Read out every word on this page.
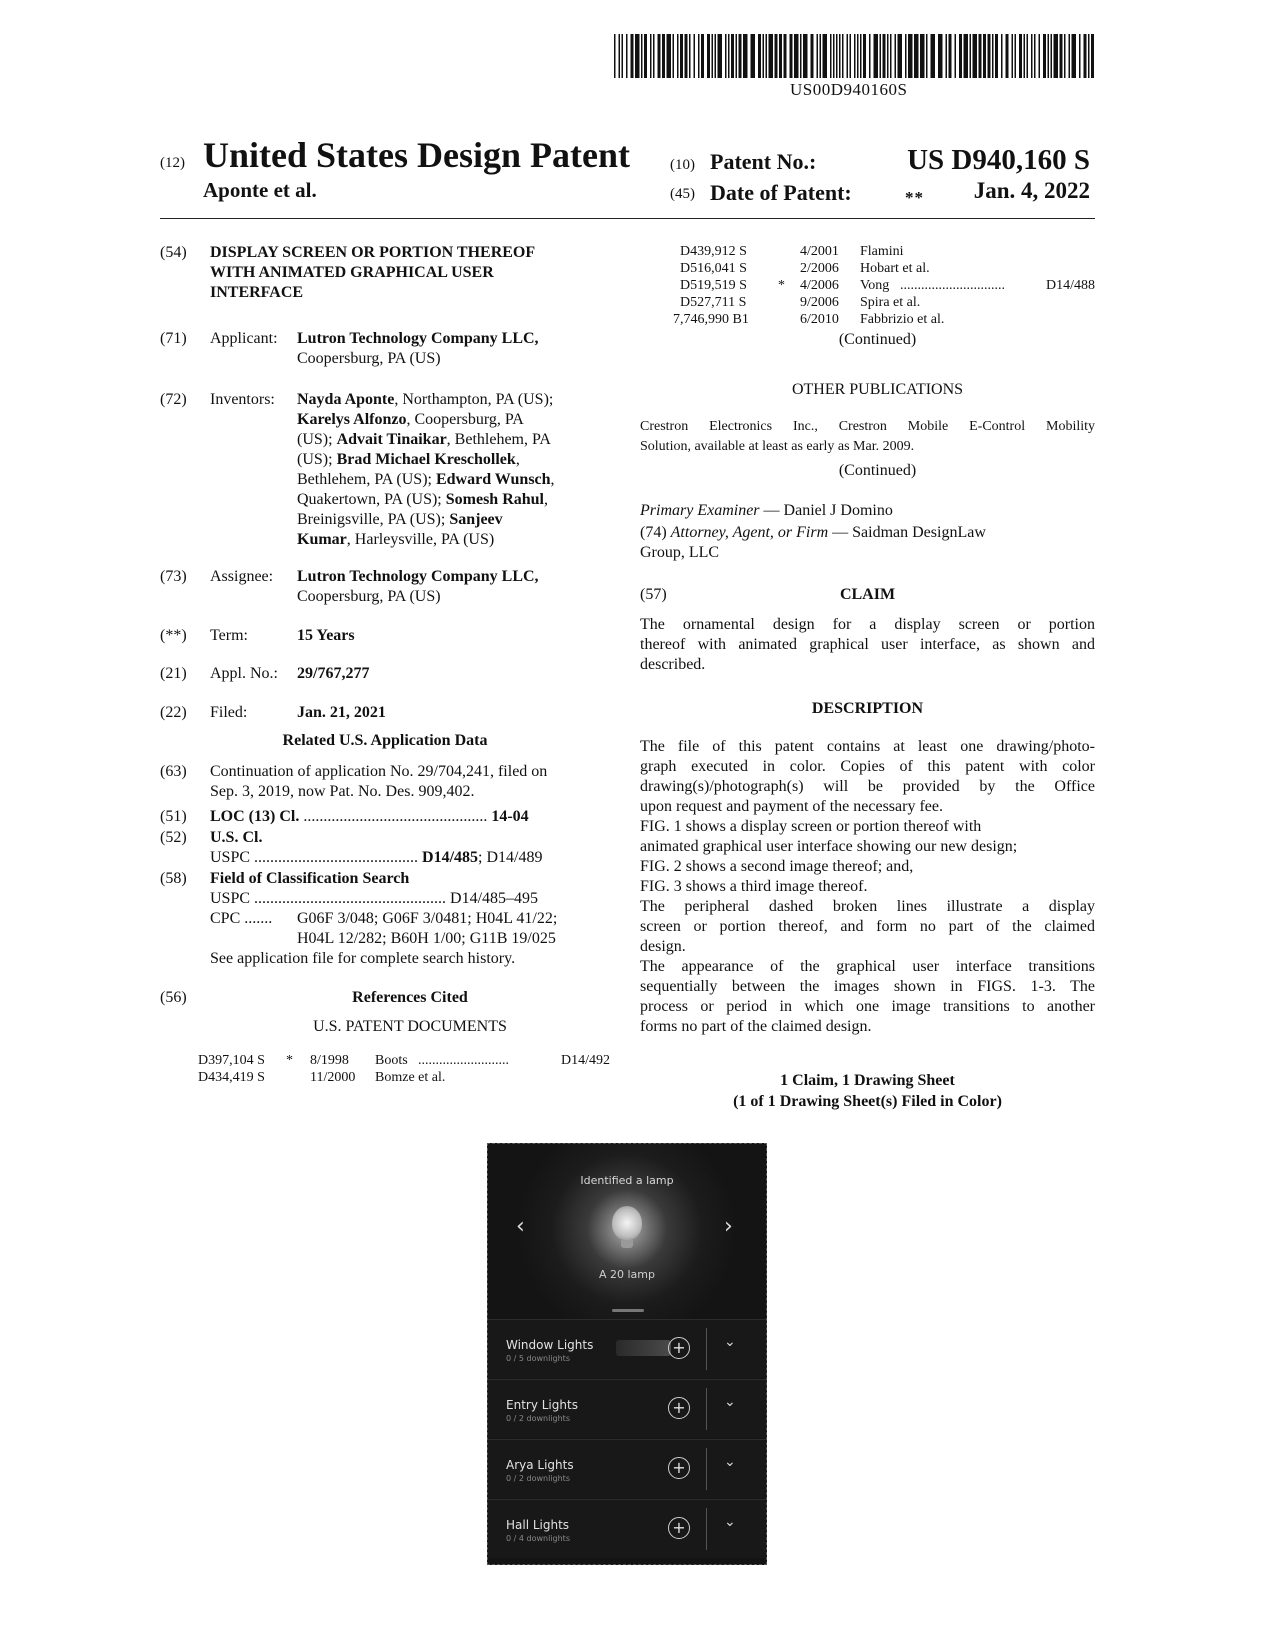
US00D940160S
(12) United States Design Patent
Aponte et al.
(10) Patent No.:	US D940,160 S
(45) Date of Patent:	**	Jan. 4, 2022
(54) DISPLAY SCREEN OR PORTION THEREOF
WITH ANIMATED GRAPHICAL USER
INTERFACE
(71) Applicant: Lutron Technology Company LLC,
Coopersburg, PA (US)
(72) Inventors: Nayda Aponte, Northampton, PA (US);
Karelys Alfonzo, Coopersburg, PA
(US); Advait Tinaikar, Bethlehem, PA
(US); Brad Michael Kreschollek,
Bethlehem, PA (US); Edward Wunsch,
Quakertown, PA (US); Somesh Rahul,
Breinigsville, PA (US); Sanjeev
Kumar, Harleysville, PA (US)
(73) Assignee: Lutron Technology Company LLC,
Coopersburg, PA (US)
(**) Term:	15 Years
(21) Appl. No.: 29/767,277
(22) Filed:	Jan. 21, 2021
Related U.S. Application Data
(63) Continuation of application No. 29/704,241, filed on
Sep. 3, 2019, now Pat. No. Des. 909,402.
(51) LOC (13) Cl. .............................................. 14-04
(52) U.S. Cl.
USPC ......................................... D14/485; D14/489
(58) Field of Classification Search
USPC ................................................ D14/485–495
CPC ....... G06F 3/048; G06F 3/0481; H04L 41/22;
H04L 12/282; B60H 1/00; G11B 19/025
See application file for complete search history.
(56)	References Cited
U.S. PATENT DOCUMENTS
D397,104 S * 8/1998 Boots ..........................	D14/492
D434,419 S	11/2000 Bomze et al.
D439,912 S	4/2001 Flamini
D516,041 S	2/2006 Hobart et al.
D519,519 S * 4/2006 Vong ..............................	D14/488
D527,711 S	9/2006 Spira et al.
7,746,990 B1	6/2010 Fabbrizio et al.
(Continued)
OTHER PUBLICATIONS
Crestron Electronics Inc., Crestron Mobile E-Control Mobility
Solution, available at least as early as Mar. 2009.
(Continued)
Primary Examiner — Daniel J Domino
(74) Attorney, Agent, or Firm — Saidman DesignLaw
Group, LLC
(57)	CLAIM
The ornamental design for a display screen or portion
thereof with animated graphical user interface, as shown and
described.
DESCRIPTION
The file of this patent contains at least one drawing/photo-
graph executed in color. Copies of this patent with color
drawing(s)/photograph(s) will be provided by the Office
upon request and payment of the necessary fee.
FIG. 1 shows a display screen or portion thereof with
animated graphical user interface showing our new design;
FIG. 2 shows a second image thereof; and,
FIG. 3 shows a third image thereof.
The peripheral dashed broken lines illustrate a display
screen or portion thereof, and form no part of the claimed
design.
The appearance of the graphical user interface transitions
sequentially between the images shown in FIGS. 1-3. The
process or period in which one image transitions to another
forms no part of the claimed design.
1 Claim, 1 Drawing Sheet
(1 of 1 Drawing Sheet(s) Filed in Color)
Identified a lamp
A 20 lamp
‹	›
Window Lights
0 / 5 downlights
+	⌄
Entry Lights
0 / 2 downlights
+	⌄
Arya Lights
0 / 2 downlights
+	⌄
Hall Lights
0 / 4 downlights
+	⌄
